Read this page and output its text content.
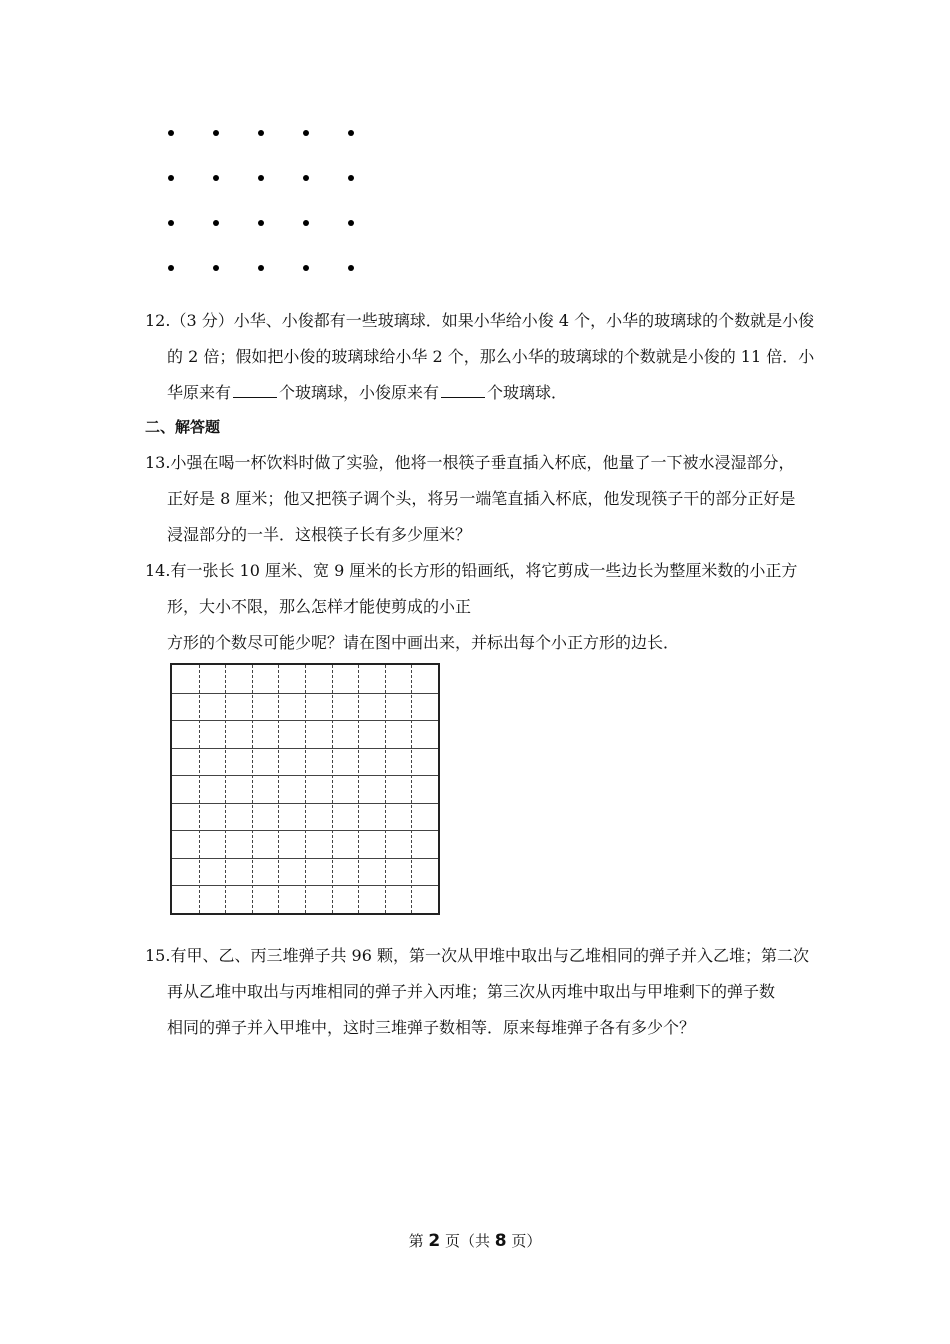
12.（3 分）小华、小俊都有一些玻璃球．如果小华给小俊 4 个，小华的玻璃球的个数就是小俊
的 2 倍；假如把小俊的玻璃球给小华 2 个，那么小华的玻璃球的个数就是小俊的 11 倍．小
华原来有	个玻璃球，小俊原来有	个玻璃球．
二、解答题
13.小强在喝一杯饮料时做了实验，他将一根筷子垂直插入杯底，他量了一下被水浸湿部分，
正好是 8 厘米；他又把筷子调个头，将另一端笔直插入杯底，他发现筷子干的部分正好是
浸湿部分的一半．这根筷子长有多少厘米？
14.有一张长 10 厘米、宽 9 厘米的长方形的铅画纸，将它剪成一些边长为整厘米数的小正方
形，大小不限，那么怎样才能使剪成的小正
方形的个数尽可能少呢？请在图中画出来，并标出每个小正方形的边长．
15.有甲、乙、丙三堆弹子共 96 颗，第一次从甲堆中取出与乙堆相同的弹子并入乙堆；第二次
再从乙堆中取出与丙堆相同的弹子并入丙堆；第三次从丙堆中取出与甲堆剩下的弹子数
相同的弹子并入甲堆中，这时三堆弹子数相等．原来每堆弹子各有多少个？
第 2 页（共 8 页）
